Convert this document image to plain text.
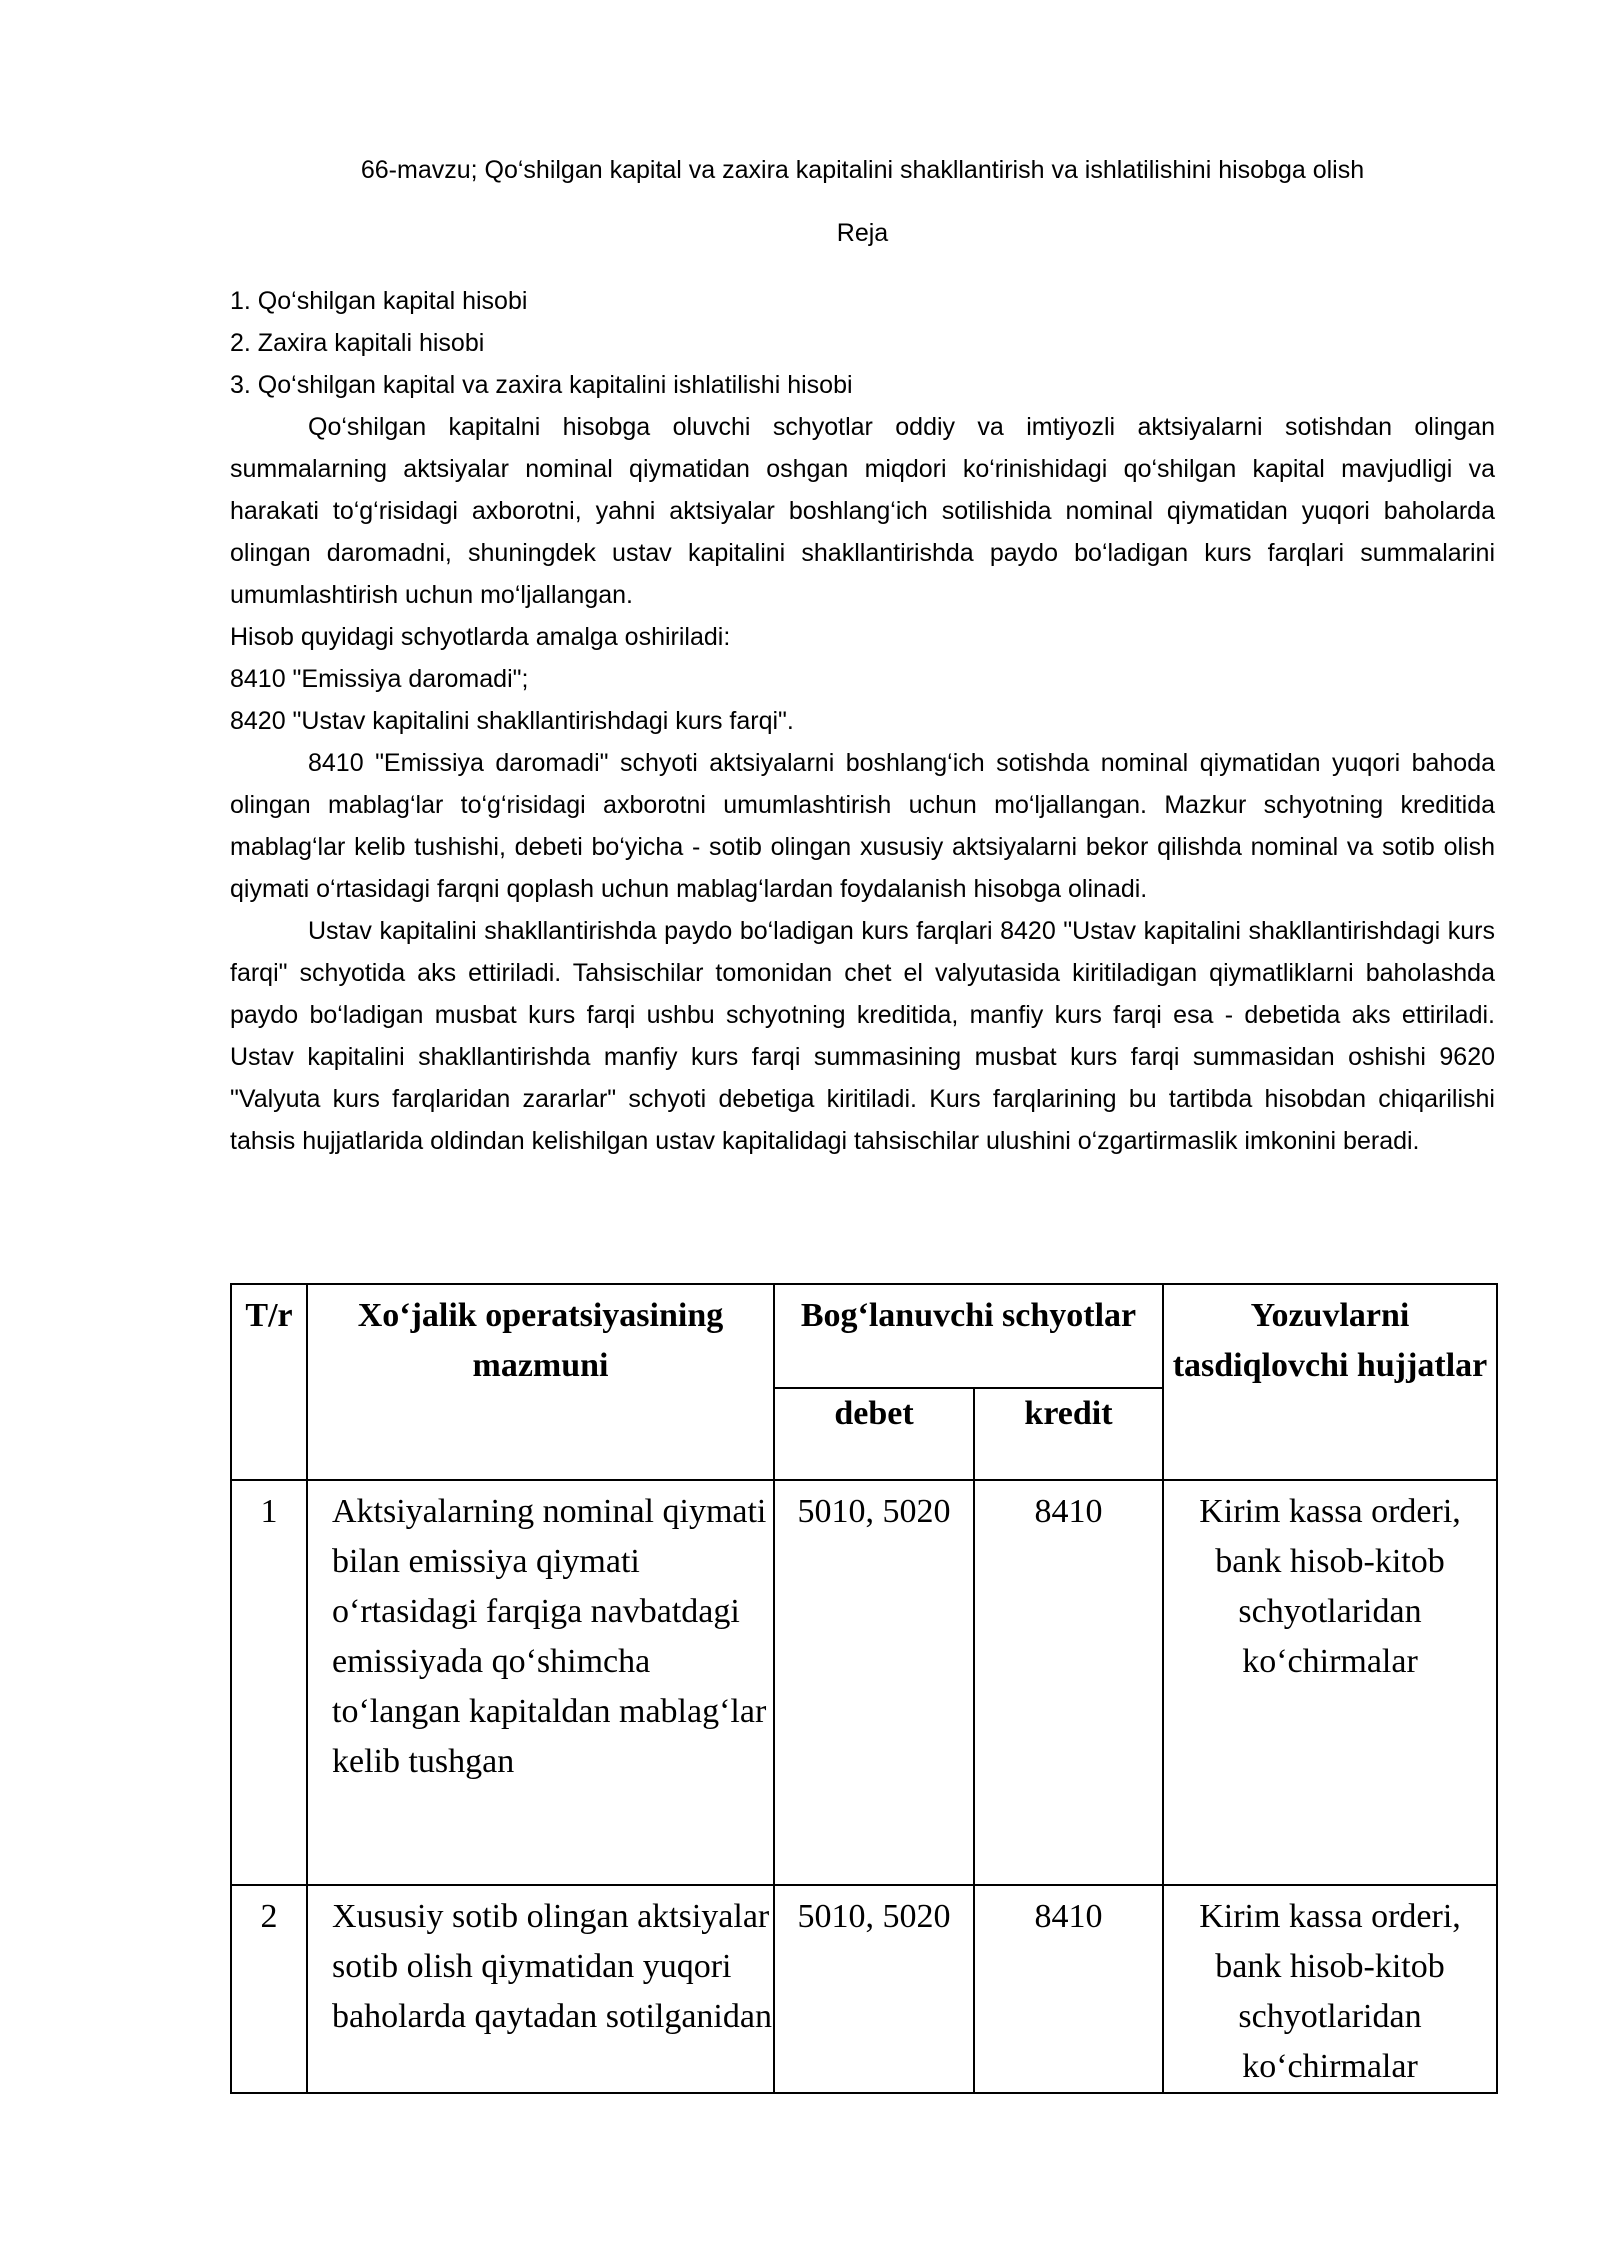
66-mavzu; Qo‘shilgan kapital va zaxira kapitalini shakllantirish va ishlatilishini hisobga olish
Reja

1. Qo‘shilgan kapital hisobi

2. Zaxira kapitali hisobi

3. Qo‘shilgan kapital va zaxira kapitalini ishlatilishi hisobi

Qo‘shilgan kapitalni hisobga oluvchi schyotlar oddiy va imtiyozli aktsiyalarni sotishdan olingan summalarning aktsiyalar nominal qiymatidan oshgan miqdori ko‘rinishidagi qo‘shilgan kapital mavjudligi va harakati to‘g‘risidagi axborotni, yahni aktsiyalar boshlang‘ich sotilishida nominal qiymatidan yuqori baholarda olingan daromadni, shuningdek ustav kapitalini shakllantirishda paydo bo‘ladigan kurs farqlari summalarini umumlashtirish uchun mo‘ljallangan.

Hisob quyidagi schyotlarda amalga oshiriladi:

8410 "Emissiya daromadi";

8420 "Ustav kapitalini shakllantirishdagi kurs farqi".

8410 "Emissiya daromadi" schyoti aktsiyalarni boshlang‘ich sotishda nominal qiymatidan yuqori bahoda olingan mablag‘lar to‘g‘risidagi axborotni umumlashtirish uchun mo‘ljallangan. Mazkur schyotning kreditida mablag‘lar kelib tushishi, debeti bo‘yicha - sotib olingan xususiy aktsiyalarni bekor qilishda nominal va sotib olish qiymati o‘rtasidagi farqni qoplash uchun mablag‘lardan foydalanish hisobga olinadi.

Ustav kapitalini shakllantirishda paydo bo‘ladigan kurs farqlari 8420 "Ustav kapitalini shakllantirishdagi kurs farqi" schyotida aks ettiriladi. Tahsischilar tomonidan chet el valyutasida kiritiladigan qiymatliklarni baholashda paydo bo‘ladigan musbat kurs farqi ushbu schyotning kreditida, manfiy kurs farqi esa - debetida aks ettiriladi. Ustav kapitalini shakllantirishda manfiy kurs farqi summasining musbat kurs farqi summasidan oshishi 9620 "Valyuta kurs farqlaridan zararlar" schyoti debetiga kiritiladi. Kurs farqlarining bu tartibda hisobdan chiqarilishi tahsis hujjatlarida oldindan kelishilgan ustav kapitalidagi tahsischilar ulushini o‘zgartirmaslik imkonini beradi.

T/r	Xo‘jalik operatsiyasining mazmuni	Bog‘lanuvchi schyotlar		Yozuvlarni tasdiqlovchi hujjatlar
		debet	kredit	
1	Aktsiyalarning nominal qiymati bilan emissiya qiymati o‘rtasidagi farqiga navbatdagi emissiyada qo‘shimcha to‘langan kapitaldan mablag‘lar kelib tushgan	5010, 5020	8410	Kirim kassa orderi, bank hisob-kitob schyotlaridan ko‘chirmalar
2	Xususiy sotib olingan aktsiyalar sotib olish qiymatidan yuqori baholarda qaytadan sotilganidan	5010, 5020	8410	Kirim kassa orderi, bank hisob-kitob schyotlaridan ko‘chirmalar
